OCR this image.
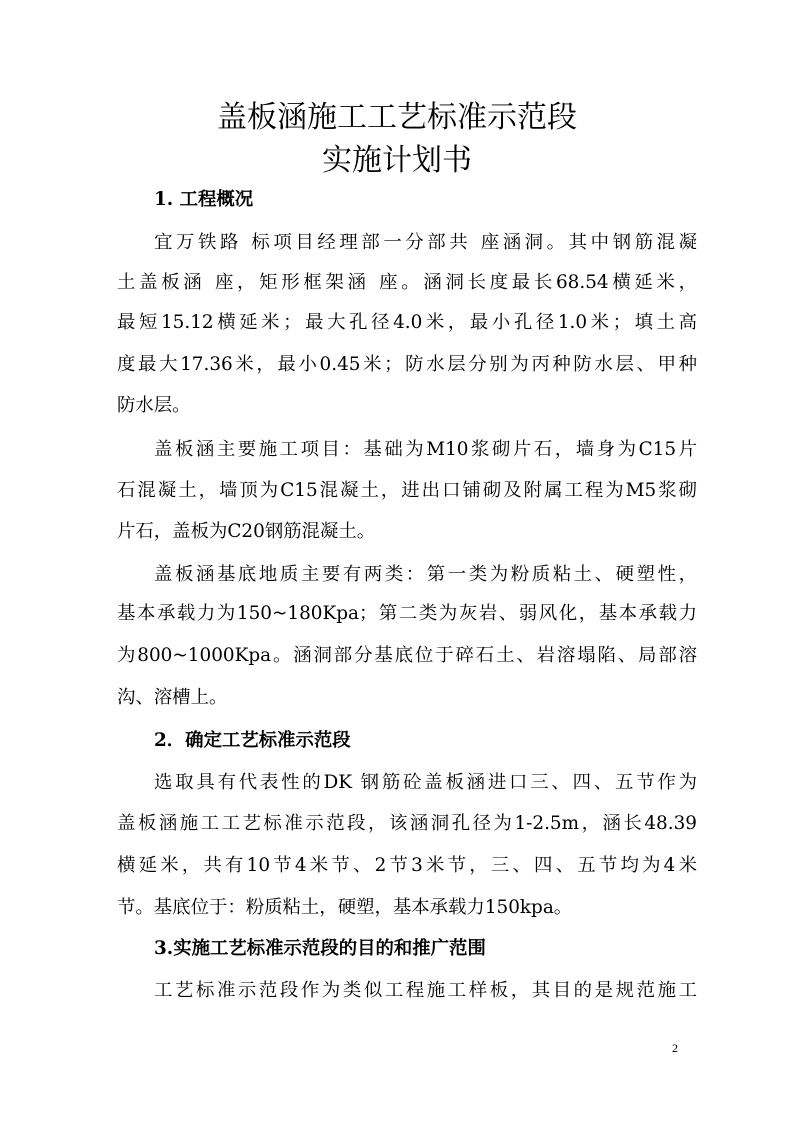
盖板涵施工工艺标准示范段
实施计划书
1. 工程概况
宜万铁路 标项目经理部一分部共 座涵洞。其中钢筋混凝
土盖板涵 座，矩形框架涵 座。涵洞长度最长68.54横延米，
最短15.12横延米；最大孔径4.0米，最小孔径1.0米；填土高
度最大17.36米，最小0.45米；防水层分别为丙种防水层、甲种
防水层。
盖板涵主要施工项目：基础为M10浆砌片石，墙身为C15片
石混凝土，墙顶为C15混凝土，进出口铺砌及附属工程为M5浆砌
片石，盖板为C20钢筋混凝土。
盖板涵基底地质主要有两类：第一类为粉质粘土、硬塑性，
基本承载力为150~180Kpa；第二类为灰岩、弱风化，基本承载力
为800~1000Kpa。涵洞部分基底位于碎石土、岩溶塌陷、局部溶
沟、溶槽上。
2．确定工艺标准示范段
选取具有代表性的DK 钢筋砼盖板涵进口三、四、五节作为
盖板涵施工工艺标准示范段，该涵洞孔径为1-2.5m，涵长48.39
横延米，共有10节4米节、2节3米节，三、四、五节均为4米
节。基底位于：粉质粘土，硬塑，基本承载力150kpa。
3.实施工艺标准示范段的目的和推广范围
工艺标准示范段作为类似工程施工样板，其目的是规范施工
2
